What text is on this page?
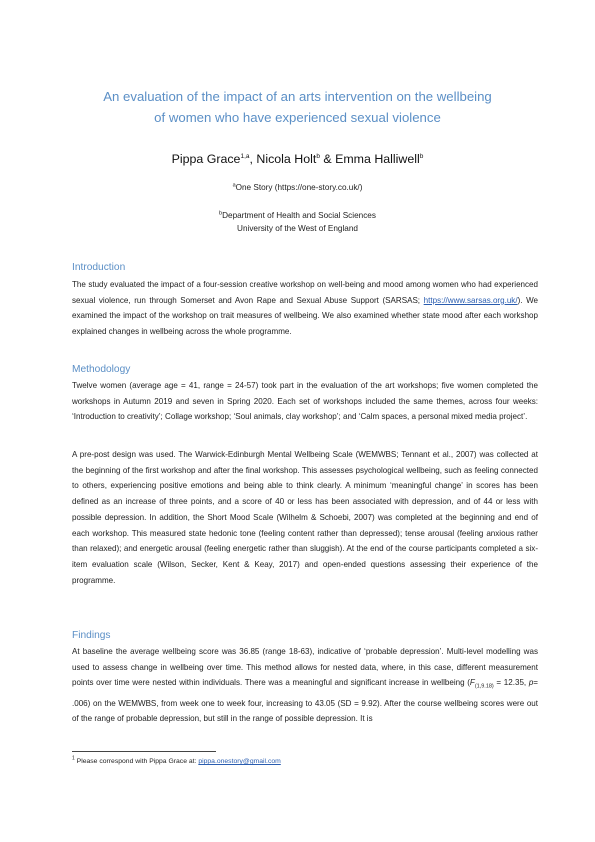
An evaluation of the impact of an arts intervention on the wellbeing
of women who have experienced sexual violence
Pippa Grace$^{1,a}$, Nicola Holt$^b$ & Emma Halliwell$^b$
$^a$One Story (https://one-story.co.uk/)
$^b$Department of Health and Social Sciences
University of the West of England
Introduction
The study evaluated the impact of a four-session creative workshop on well-being and mood among women who had experienced sexual violence, run through Somerset and Avon Rape and Sexual Abuse Support (SARSAS; https://www.sarsas.org.uk/). We examined the impact of the workshop on trait measures of wellbeing. We also examined whether state mood after each workshop explained changes in wellbeing across the whole programme.
Methodology
Twelve women (average age = 41, range = 24-57) took part in the evaluation of the art workshops; five women completed the workshops in Autumn 2019 and seven in Spring 2020. Each set of workshops included the same themes, across four weeks: ‘Introduction to creativity’; Collage workshop; ‘Soul animals, clay workshop’; and ‘Calm spaces, a personal mixed media project’.
A pre-post design was used. The Warwick-Edinburgh Mental Wellbeing Scale (WEMWBS; Tennant et al., 2007) was collected at the beginning of the first workshop and after the final workshop. This assesses psychological wellbeing, such as feeling connected to others, experiencing positive emotions and being able to think clearly. A minimum ‘meaningful change’ in scores has been defined as an increase of three points, and a score of 40 or less has been associated with depression, and of 44 or less with possible depression. In addition, the Short Mood Scale (Wilhelm & Schoebi, 2007) was completed at the beginning and end of each workshop. This measured state hedonic tone (feeling content rather than depressed); tense arousal (feeling anxious rather than relaxed); and energetic arousal (feeling energetic rather than sluggish). At the end of the course participants completed a six-item evaluation scale (Wilson, Secker, Kent & Keay, 2017) and open-ended questions assessing their experience of the programme.
Findings
At baseline the average wellbeing score was 36.85 (range 18-63), indicative of ‘probable depression’. Multi-level modelling was used to assess change in wellbeing over time. This method allows for nested data, where, in this case, different measurement points over time were nested within individuals. There was a meaningful and significant increase in wellbeing ($F_{(1,9.18)} = 12.35$, p= .006) on the WEMWBS, from week one to week four, increasing to 43.05 (SD = 9.92). After the course wellbeing scores were out of the range of probable depression, but still in the range of possible depression. It is
$^1$ Please correspond with Pippa Grace at: pippa.onestory@gmail.com
